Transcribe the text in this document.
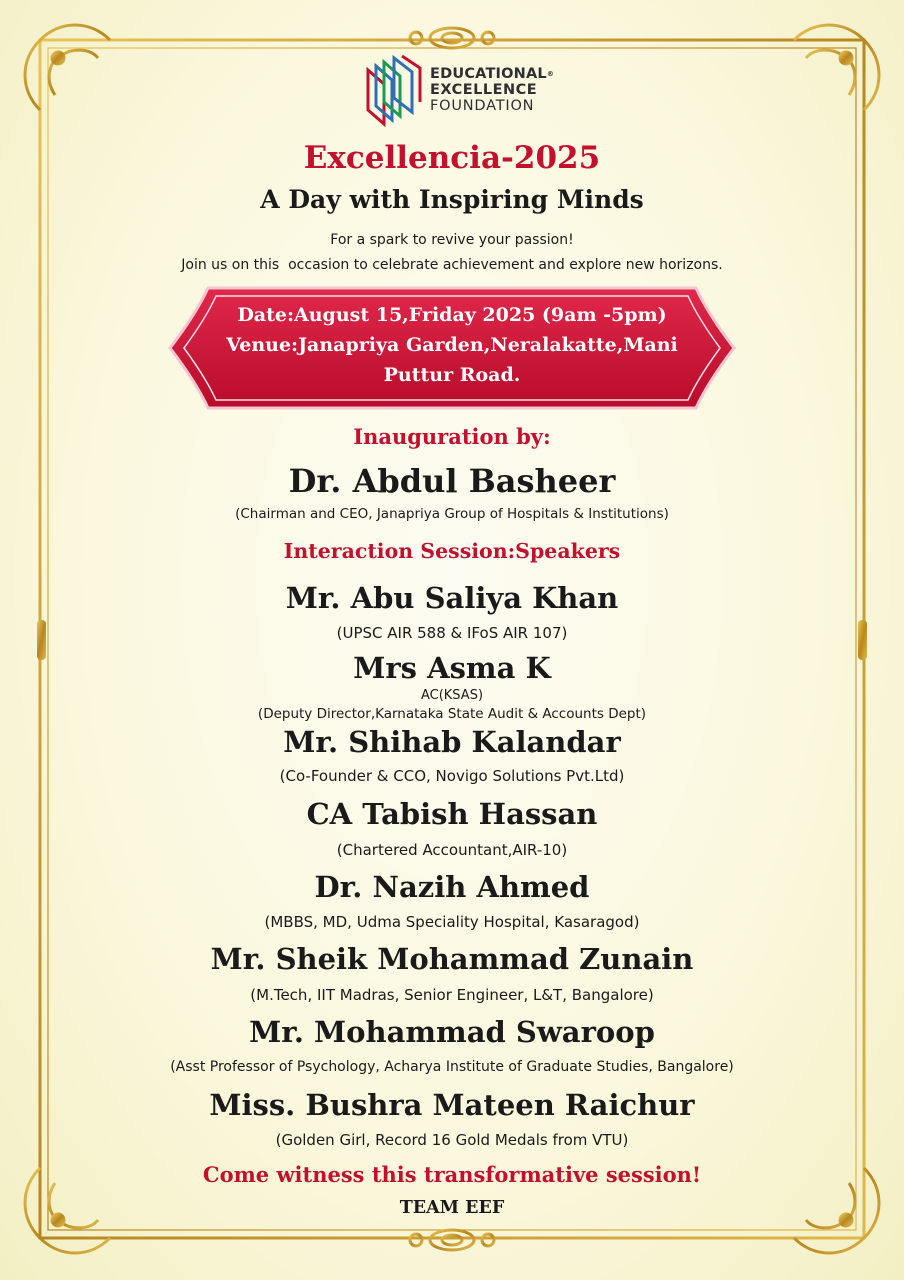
EDUCATIONAL®
EXCELLENCE
FOUNDATION
Excellencia-2025
A Day with Inspiring Minds
For a spark to revive your passion!
Join us on this  occasion to celebrate achievement and explore new horizons.
Date:August 15,Friday 2025 (9am -5pm)
Venue:Janapriya Garden,Neralakatte,Mani
Puttur Road.
Inauguration by:
Dr. Abdul Basheer
(Chairman and CEO, Janapriya Group of Hospitals & Institutions)
Interaction Session:Speakers
Mr. Abu Saliya Khan
(UPSC AIR 588 & IFoS AIR 107)
Mrs Asma K
AC(KSAS)
(Deputy Director,Karnataka State Audit & Accounts Dept)
Mr. Shihab Kalandar
(Co-Founder & CCO, Novigo Solutions Pvt.Ltd)
CA Tabish Hassan
(Chartered Accountant,AIR-10)
Dr. Nazih Ahmed
(MBBS, MD, Udma Speciality Hospital, Kasaragod)
Mr. Sheik Mohammad Zunain
(M.Tech, IIT Madras, Senior Engineer, L&T, Bangalore)
Mr. Mohammad Swaroop
(Asst Professor of Psychology, Acharya Institute of Graduate Studies, Bangalore)
Miss. Bushra Mateen Raichur
(Golden Girl, Record 16 Gold Medals from VTU)
Come witness this transformative session!
TEAM EEF
